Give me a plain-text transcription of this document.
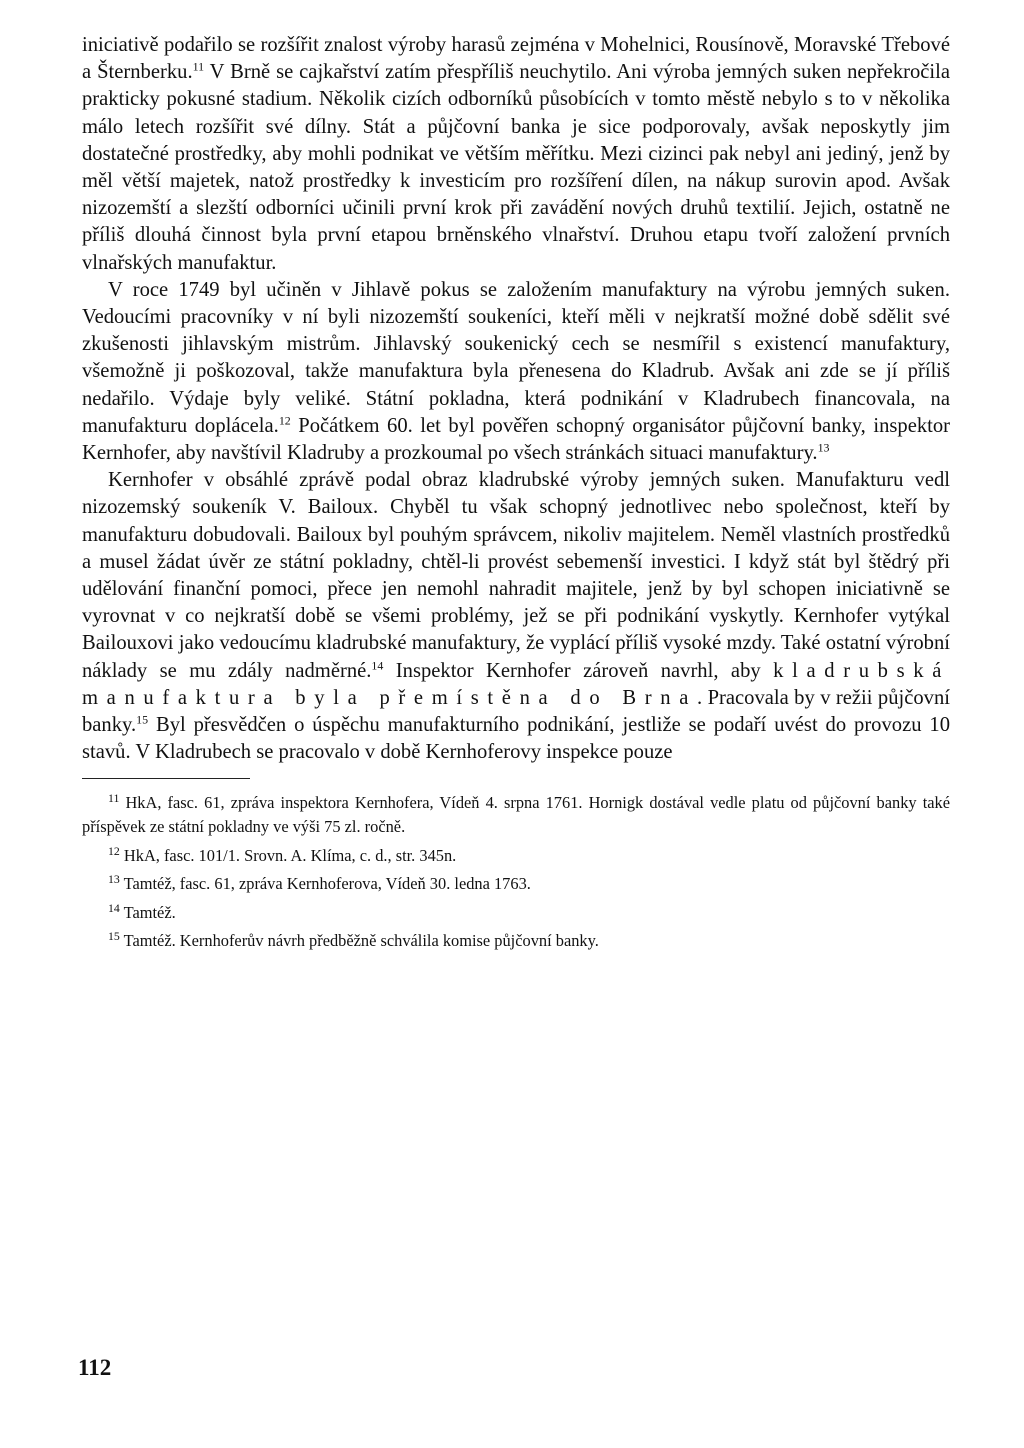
iniciativě podařilo se rozšířit znalost výroby harasů zejména v Mohelnici, Rousínově, Moravské Třebové a Šternberku.$^{11}$ V Brně se cajkařství zatím přespříliš neuchytilo. Ani výroba jemných suken nepřekročila prakticky pokusné stadium. Několik cizích odborníků působících v tomto městě nebylo s to v několika málo letech rozšířit své dílny. Stát a půjčovní banka je sice podporovaly, avšak neposkytly jim dostatečné prostředky, aby mohli podnikat ve větším měřítku. Mezi cizinci pak nebyl ani jediný, jenž by měl větší majetek, natož prostředky k investicím pro rozšíření dílen, na nákup surovin apod. Avšak nizozemští a slezští odborníci učinili první krok při zavádění nových druhů textilií. Jejich, ostatně ne příliš dlouhá činnost byla první etapou brněnského vlnařství. Druhou etapu tvoří založení prvních vlnařských manufaktur.

V roce 1749 byl učiněn v Jihlavě pokus se založením manufaktury na výrobu jemných suken. Vedoucími pracovníky v ní byli nizozemští soukeníci, kteří měli v nejkratší možné době sdělit své zkušenosti jihlavským mistrům. Jihlavský soukenický cech se nesmířil s existencí manufaktury, všemožně ji poškozoval, takže manufaktura byla přenesena do Kladrub. Avšak ani zde se jí příliš nedařilo. Výdaje byly veliké. Státní pokladna, která podnikání v Kladrubech financovala, na manufakturu doplácela.$^{12}$ Počátkem 60. let byl pověřen schopný organisátor půjčovní banky, inspektor Kernhofer, aby navštívil Kladruby a prozkoumal po všech stránkách situaci manufaktury.$^{13}$

Kernhofer v obsáhlé zprávě podal obraz kladrubské výroby jemných suken. Manufakturu vedl nizozemský soukeník V. Bailoux. Chyběl tu však schopný jednotlivec nebo společnost, kteří by manufakturu dobudovali. Bailoux byl pouhým správcem, nikoliv majitelem. Neměl vlastních prostředků a musel žádat úvěr ze státní pokladny, chtěl-li provést sebemenší investici. I když stát byl štědrý při udělování finanční pomoci, přece jen nemohl nahradit majitele, jenž by byl schopen iniciativně se vyrovnat v co nejkratší době se všemi problémy, jež se při podnikání vyskytly. Kernhofer vytýkal Bailouxovi jako vedoucímu kladrubské manufaktury, že vyplácí příliš vysoké mzdy. Také ostatní výrobní náklady se mu zdály nadměrné.$^{14}$ Inspektor Kernhofer zároveň navrhl, aby kladrubská manufaktura byla přemístěna do Brna. Pracovala by v režii půjčovní banky.$^{15}$ Byl přesvědčen o úspěchu manufakturního podnikání, jestliže se podaří uvést do provozu 10 stavů. V Kladrubech se pracovalo v době Kernhoferovy inspekce pouze

$^{11}$ HkA, fasc. 61, zpráva inspektora Kernhofera, Vídeň 4. srpna 1761. Hornigk dostával vedle platu od půjčovní banky také příspěvek ze státní pokladny ve výši 75 zl. ročně.
$^{12}$ HkA, fasc. 101/1. Srovn. A. Klíma, c. d., str. 345n.
$^{13}$ Tamtéž, fasc. 61, zpráva Kernhoferova, Vídeň 30. ledna 1763.
$^{14}$ Tamtéž.
$^{15}$ Tamtéž. Kernhoferův návrh předběžně schválila komise půjčovní banky.
112
